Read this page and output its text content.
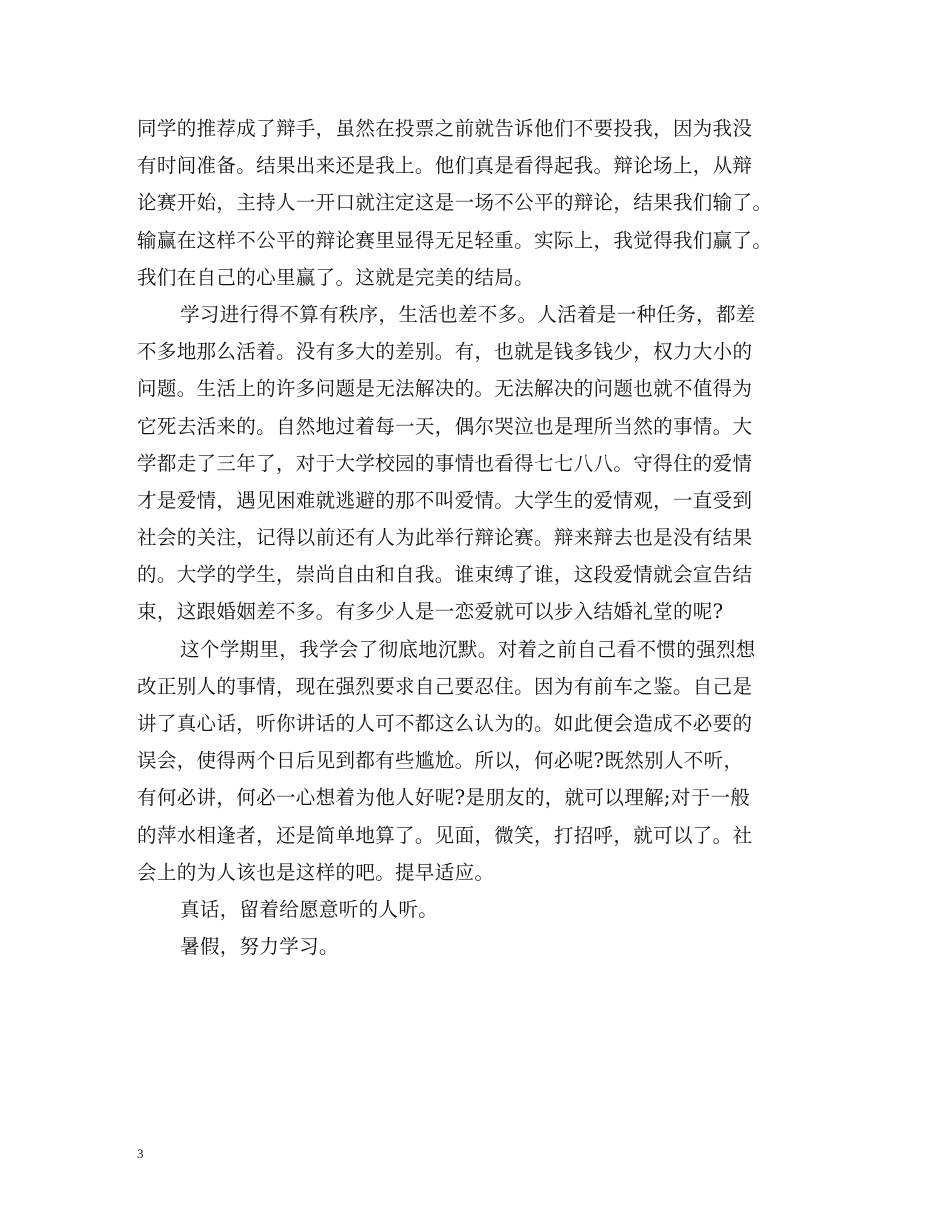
同学的推荐成了辩手，虽然在投票之前就告诉他们不要投我，因为我没
有时间准备。结果出来还是我上。他们真是看得起我。辩论场上，从辩
论赛开始，主持人一开口就注定这是一场不公平的辩论，结果我们输了。
输赢在这样不公平的辩论赛里显得无足轻重。实际上，我觉得我们赢了。
我们在自己的心里赢了。这就是完美的结局。
学习进行得不算有秩序，生活也差不多。人活着是一种任务，都差
不多地那么活着。没有多大的差别。有，也就是钱多钱少，权力大小的
问题。生活上的许多问题是无法解决的。无法解决的问题也就不值得为
它死去活来的。自然地过着每一天，偶尔哭泣也是理所当然的事情。大
学都走了三年了，对于大学校园的事情也看得七七八八。守得住的爱情
才是爱情，遇见困难就逃避的那不叫爱情。大学生的爱情观，一直受到
社会的关注，记得以前还有人为此举行辩论赛。辩来辩去也是没有结果
的。大学的学生，崇尚自由和自我。谁束缚了谁，这段爱情就会宣告结
束，这跟婚姻差不多。有多少人是一恋爱就可以步入结婚礼堂的呢?
这个学期里，我学会了彻底地沉默。对着之前自己看不惯的强烈想
改正别人的事情，现在强烈要求自己要忍住。因为有前车之鉴。自己是
讲了真心话，听你讲话的人可不都这么认为的。如此便会造成不必要的
误会，使得两个日后见到都有些尴尬。所以，何必呢?既然别人不听，
有何必讲，何必一心想着为他人好呢?是朋友的，就可以理解;对于一般
的萍水相逢者，还是简单地算了。见面，微笑，打招呼，就可以了。社
会上的为人该也是这样的吧。提早适应。
真话，留着给愿意听的人听。
暑假，努力学习。
3
